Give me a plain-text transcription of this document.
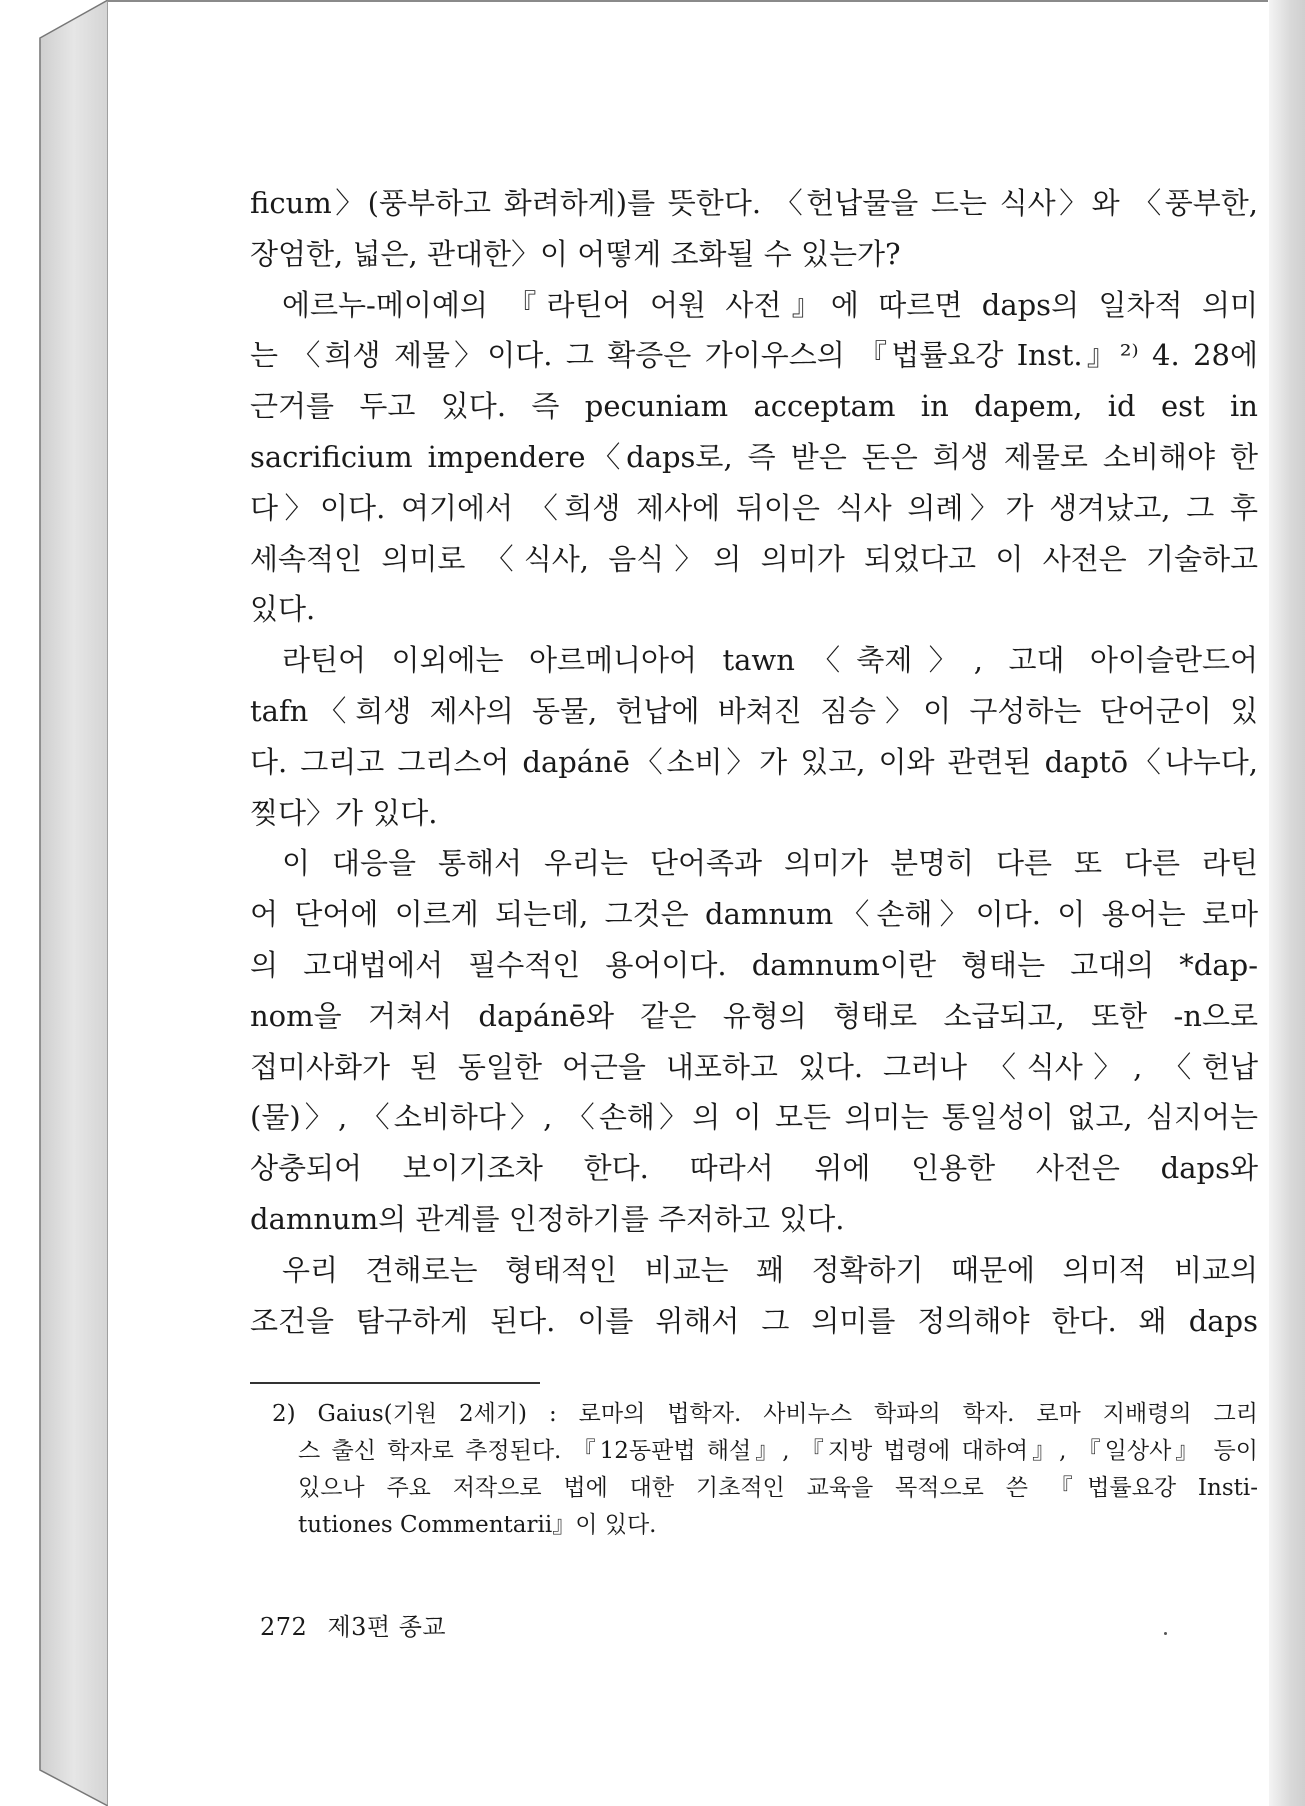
ficum〉(풍부하고 화려하게)를 뜻한다. 〈헌납물을 드는 식사〉와 〈풍부한,
장엄한, 넓은, 관대한〉이 어떻게 조화될 수 있는가?

에르누-메이예의 『라틴어 어원 사전』에 따르면 daps의 일차적 의미
는 〈희생 제물〉이다. 그 확증은 가이우스의 『법률요강 Inst.』²⁾ 4. 28에
근거를 두고 있다. 즉 pecuniam acceptam in dapem, id est in
sacrificium impendere〈daps로, 즉 받은 돈은 희생 제물로 소비해야 한
다〉이다. 여기에서 〈희생 제사에 뒤이은 식사 의례〉가 생겨났고, 그 후
세속적인 의미로 〈식사, 음식〉의 의미가 되었다고 이 사전은 기술하고
있다.

라틴어 이외에는 아르메니아어 tawn〈축제〉, 고대 아이슬란드어
tafn〈희생 제사의 동물, 헌납에 바쳐진 짐승〉이 구성하는 단어군이 있
다. 그리고 그리스어 dapánē〈소비〉가 있고, 이와 관련된 daptō〈나누다,
찢다〉가 있다.

이 대응을 통해서 우리는 단어족과 의미가 분명히 다른 또 다른 라틴
어 단어에 이르게 되는데, 그것은 damnum〈손해〉이다. 이 용어는 로마
의 고대법에서 필수적인 용어이다. damnum이란 형태는 고대의 *dap-
nom을 거쳐서 dapánē와 같은 유형의 형태로 소급되고, 또한 -n으로
접미사화가 된 동일한 어근을 내포하고 있다. 그러나 〈식사〉, 〈헌납
(물)〉, 〈소비하다〉, 〈손해〉의 이 모든 의미는 통일성이 없고, 심지어는
상충되어 보이기조차 한다. 따라서 위에 인용한 사전은 daps와
damnum의 관계를 인정하기를 주저하고 있다.

우리 견해로는 형태적인 비교는 꽤 정확하기 때문에 의미적 비교의
조건을 탐구하게 된다. 이를 위해서 그 의미를 정의해야 한다. 왜 daps

2) Gaius(기원 2세기) : 로마의 법학자. 사비누스 학파의 학자. 로마 지배령의 그리
스 출신 학자로 추정된다. 『12동판법 해설』, 『지방 법령에 대하여』, 『일상사』 등이
있으나 주요 저작으로 법에 대한 기초적인 교육을 목적으로 쓴 『법률요강 Insti-
tutiones Commentarii』이 있다.
272 제3편 종교
